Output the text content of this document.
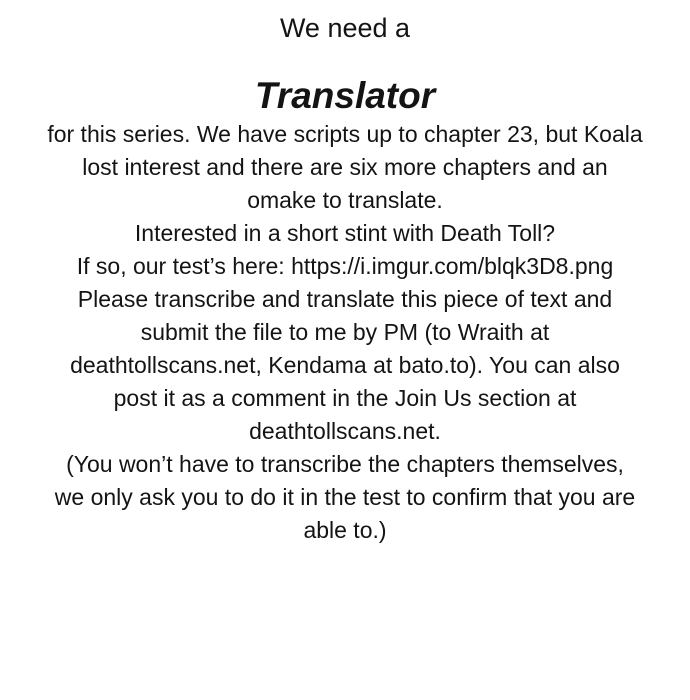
We need a
Translator
for this series. We have scripts up to chapter 23, but Koala
lost interest and there are six more chapters and an
omake to translate.
Interested in a short stint with Death Toll?
If so, our test’s here: https://i.imgur.com/blqk3D8.png
Please transcribe and translate this piece of text and
submit the file to me by PM (to Wraith at
deathtollscans.net, Kendama at bato.to). You can also
post it as a comment in the Join Us section at
deathtollscans.net.
(You won’t have to transcribe the chapters themselves,
we only ask you to do it in the test to confirm that you are
able to.)
